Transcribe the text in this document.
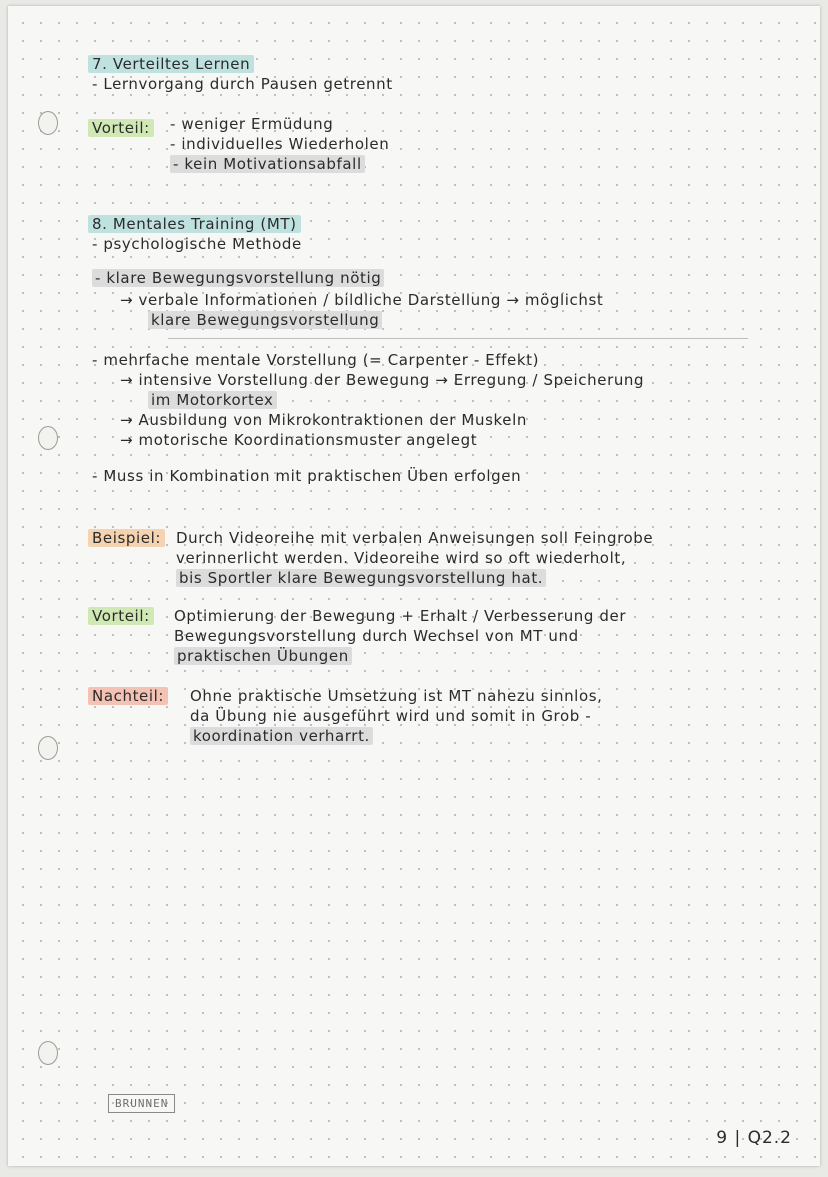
7. Verteiltes Lernen
- Lernvorgang durch Pausen getrennt
Vorteil: - weniger Ermüdung
- individuelles Wiederholen
- kein Motivationsabfall
8. Mentales Training (MT)
- psychologische Methode
- klare Bewegungsvorstellung nötig
→ verbale Informationen / bildliche Darstellung → möglichst
klare Bewegungsvorstellung
- mehrfache mentale Vorstellung (= Carpenter - Effekt)
→ intensive Vorstellung der Bewegung → Erregung / Speicherung
im Motorkortex
→ Ausbildung von Mikrokontraktionen der Muskeln
→ motorische Koordinationsmuster angelegt
- Muss in Kombination mit praktischen Üben erfolgen
Beispiel: Durch Videoreihe mit verbalen Anweisungen soll Feingrobe
verinnerlicht werden. Videoreihe wird so oft wiederholt,
bis Sportler klare Bewegungsvorstellung hat.
Vorteil: Optimierung der Bewegung + Erhalt / Verbesserung der
Bewegungsvorstellung durch Wechsel von MT und
praktischen Übungen
Nachteil: Ohne praktische Umsetzung ist MT nahezu sinnlos,
da Übung nie ausgeführt wird und somit in Grob -
koordination verharrt.
BRUNNEN
9 | Q2.2
